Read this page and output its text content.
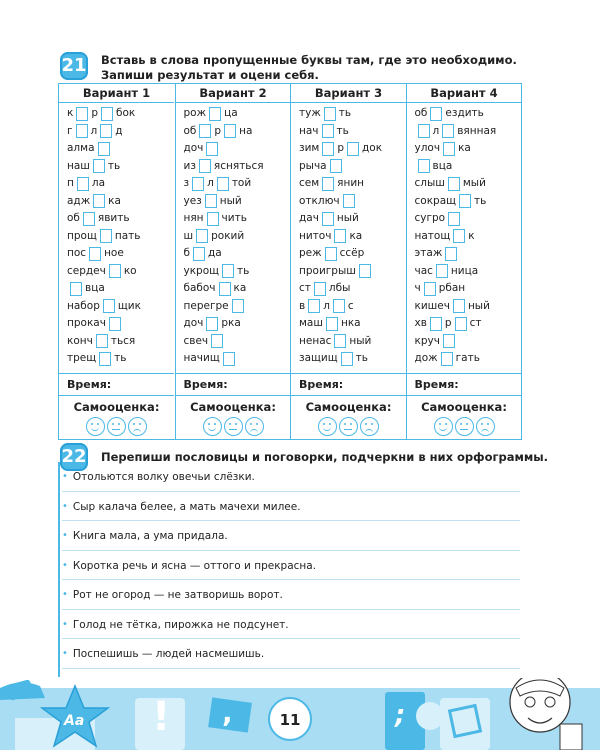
21 Вставь в слова пропущенные буквы там, где это необходимо.
Запиши результат и оцени себя.
Вариант 1
к р бок
г л д
алма
наш ть
п ла
адж ка
об явить
прощ пать
пос ное
сердеч ко
вца
набор щик
прокач
конч ться
трещ ть
Время:
Самооценка:
Вариант 2
рож ца
об р на
доч
из ясняться
з л той
уез ный
нян чить
ш рокий
б да
укрощ ть
бабоч ка
перегре
доч рка
свеч
начищ
Время:
Самооценка:
Вариант 3
туж ть
нач ть
зим р док
рыча
сем янин
отключ
дач ный
ниточ ка
реж ссёр
проигрыш
ст лбы
в л с
маш нка
ненас ный
защищ ть
Время:
Самооценка:
Вариант 4
об ездить
л вянная
улоч ка
вца
слыш мый
сокращ ть
сугро
натощ к
этаж
час ница
ч рбан
кишеч ный
хв р ст
круч
дож гать
Время:
Самооценка:
22 Перепиши пословицы и поговорки, подчеркни в них орфограммы.
• Отольются волку овечьи слёзки.
• Сыр калача белее, а мать мачехи милее.
• Книга мала, а ума придала.
• Коротка речь и ясна — оттого и прекрасна.
• Рот не огород — не затворишь ворот.
• Голод не тётка, пирожка не подсунет.
• Поспешишь — людей насмешишь.
Aa ! ,	;
11
